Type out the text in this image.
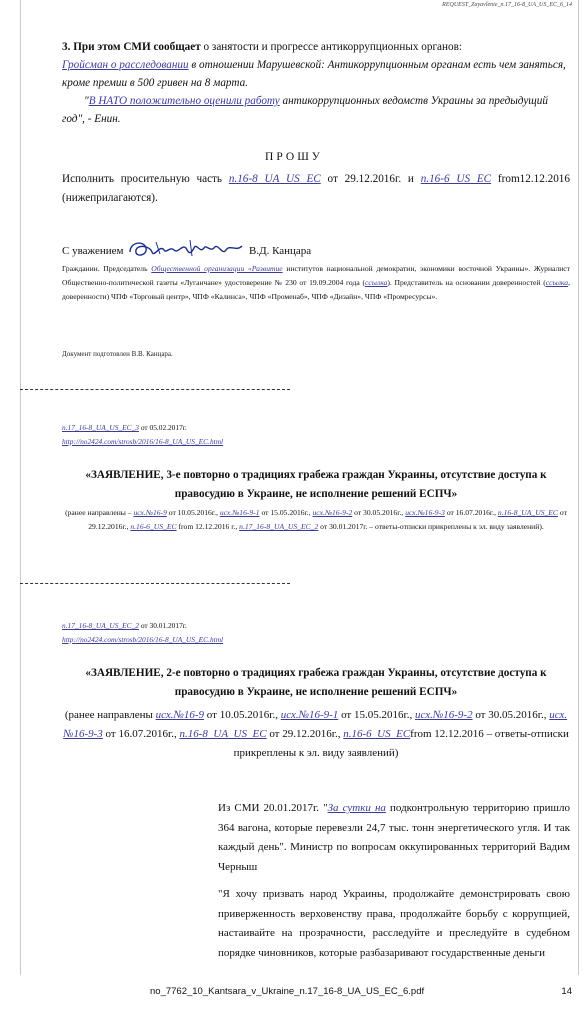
REQUEST_Zayavlenie_n.17_16-8_UA_US_EC_6_14
3. При этом СМИ сообщает о занятости и прогрессе антикоррупционных органов:
Гройсман о расследовании в отношении Марушевской: Антикоррупционным органам есть чем заняться, кроме премии в 500 гривен на 8 марта.
"В НАТО положительно оценили работу антикоррупционных ведомств Украины за предыдущий год", - Енин.
ПРОШУ
Исполнить просительную часть п.16-8 UA US EC от 29.12.2016г. и п.16-6 US EC from12.12.2016 (нижеприлагаются).
С уважением	В.Д. Канцара
Гражданин. Председатель Общественной организации «Развитие институтов национальной демократии, экономики восточной Украины». Журналист Общественно-политической газеты «Луганчане» удостоверение № 230 от 19.09.2004 года (ссылка). Представитель на основании доверенностей (ссылка, доверенности) ЧПФ «Торговый центр», ЧПФ «Калинса», ЧПФ «Променаб», ЧПФ «Дизайн», ЧПФ «Промресурсы».
Документ подготовлен В.В. Канцара.
п.17_16-8_UA_US_EC_3 от 05.02.2017г.
http://no2424.com/strosb/2016/16-8_UA_US_EC.html
«ЗАЯВЛЕНИЕ, 3-е повторно о традициях грабежа граждан Украины, отсутствие доступа к правосудию в Украине, не исполнение решений ЕСПЧ»
(ранее направлены – исх.№16-9 от 10.05.2016г., исх.№16-9-1 от 15.05.2016г., исх.№16-9-2 от 30.05.2016г., исх.№16-9-3 от 16.07.2016г., п.16-8_UA_US_EC от 29.12.2016г., п.16-6_US_EC from 12.12.2016 г., п.17_16-8_UA_US_EC_2 от 30.01.2017г. – ответы-отписки прикреплены к эл. виду заявлений).
п.17_16-8_UA_US_EC_2 от 30.01.2017г.
http://no2424.com/strosb/2016/16-8_UA_US_EC.html
«ЗАЯВЛЕНИЕ, 2-е повторно о традициях грабежа граждан Украины, отсутствие доступа к правосудию в Украине, не исполнение решений ЕСПЧ»
(ранее направлены исх.№16-9 от 10.05.2016г., исх.№16-9-1 от 15.05.2016г., исх.№16-9-2 от 30.05.2016г., исх.№16-9-3 от 16.07.2016г., п.16-8_UA_US_EC от 29.12.2016г., п.16-6_US_ECfrom 12.12.2016 – ответы-отписки прикреплены к эл. виду заявлений)
Из СМИ 20.01.2017г. "За сутки на подконтрольную территорию пришло 364 вагона, которые перевезли 24,7 тыс. тонн энергетического угля. И так каждый день". Министр по вопросам оккупированных территорий Вадим Черныш
"Я хочу призвать народ Украины, продолжайте демонстрировать свою приверженность верховенству права, продолжайте борьбу с коррупцией, настаивайте на прозрачности, расследуйте и преследуйте в судебном порядке чиновников, которые разбазаривают государственные деньги
no_7762_10_Kantsara_v_Ukraine_n.17_16-8_UA_US_EC_6.pdf	14
